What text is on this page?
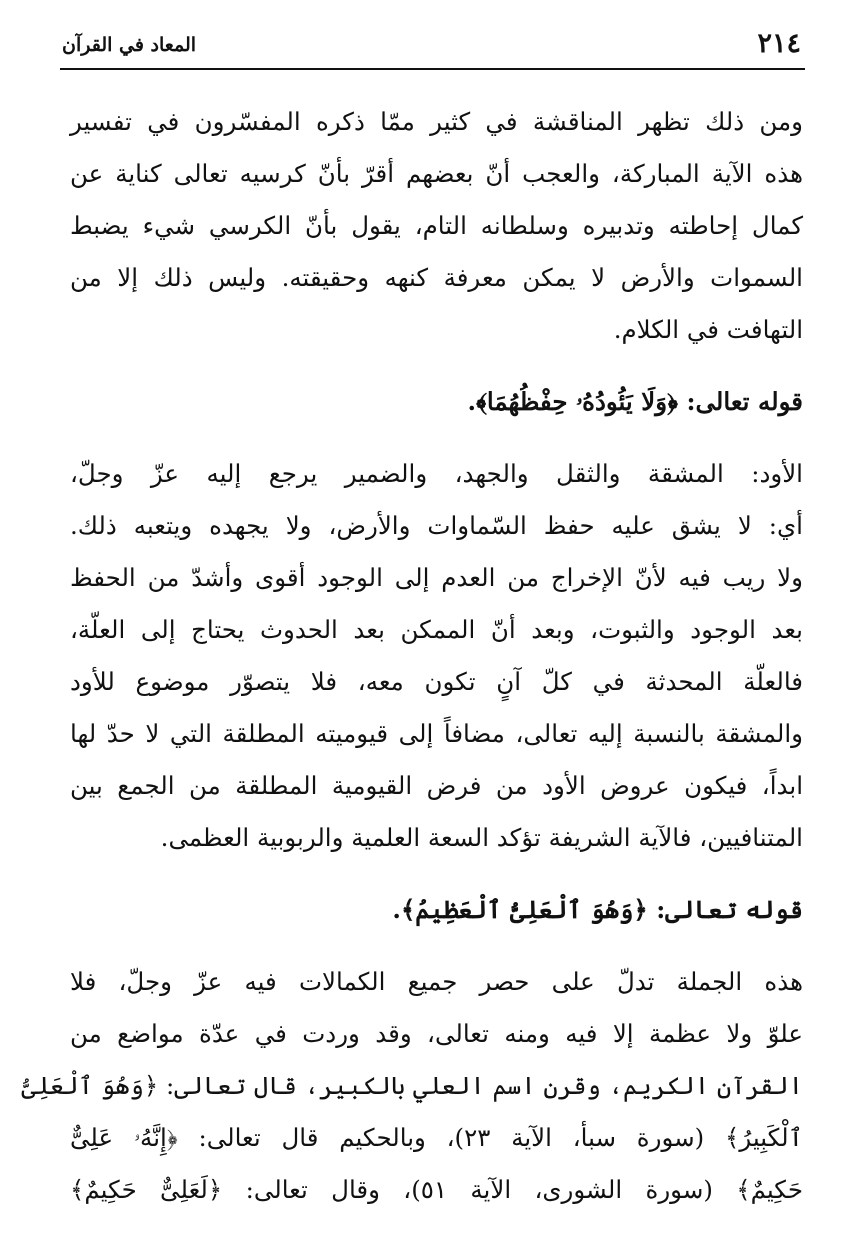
٢١٤
المعاد في القرآن
ومن ذلك تظهر المناقشة في كثير ممّا ذكره المفسّرون في تفسير
هذه الآية المباركة، والعجب أنّ بعضهم أقرّ بأنّ كرسيه تعالى كناية عن
كمال إحاطته وتدبيره وسلطانه التام، يقول بأنّ الكرسي شيء يضبط
السموات والأرض لا يمكن معرفة كنهه وحقيقته. وليس ذلك إلا من
التهافت في الكلام.
قوله تعالى: ﴿وَلَا يَئُودُهُۥ حِفْظُهُمَا﴾.
الأود: المشقة والثقل والجهد، والضمير يرجع إليه عزّ وجلّ،
أي: لا يشق عليه حفظ السّماوات والأرض، ولا يجهده ويتعبه ذلك.
ولا ريب فيه لأنّ الإخراج من العدم إلى الوجود أقوى وأشدّ من الحفظ
بعد الوجود والثبوت، وبعد أنّ الممكن بعد الحدوث يحتاج إلى العلّة،
فالعلّة المحدثة في كلّ آنٍ تكون معه، فلا يتصوّر موضوع للأود
والمشقة بالنسبة إليه تعالى، مضافاً إلى قيوميته المطلقة التي لا حدّ لها
ابداً، فيكون عروض الأود من فرض القيومية المطلقة من الجمع بين
المتنافيين، فالآية الشريفة تؤكد السعة العلمية والربوبية العظمى.
قوله تعالى: ﴿وَهُوَ ٱلْعَلِىُّ ٱلْعَظِيمُ﴾.
هذه الجملة تدلّ على حصر جميع الكمالات فيه عزّ وجلّ، فلا
علوّ ولا عظمة إلا فيه ومنه تعالى، وقد وردت في عدّة مواضع من
القرآن الكريم، وقرن اسم العلي بالكبير، قال تعالى: ﴿وَهُوَ ٱلْعَلِىُّ
ٱلْكَبِيرُ﴾ (سورة سبأ، الآية ٢٣)، وبالحكيم قال تعالى: ﴿إِنَّهُۥ عَلِىٌّ
حَكِيمٌ﴾ (سورة الشورى، الآية ٥١)، وقال تعالى: ﴿لَعَلِىٌّ حَكِيمٌ﴾
